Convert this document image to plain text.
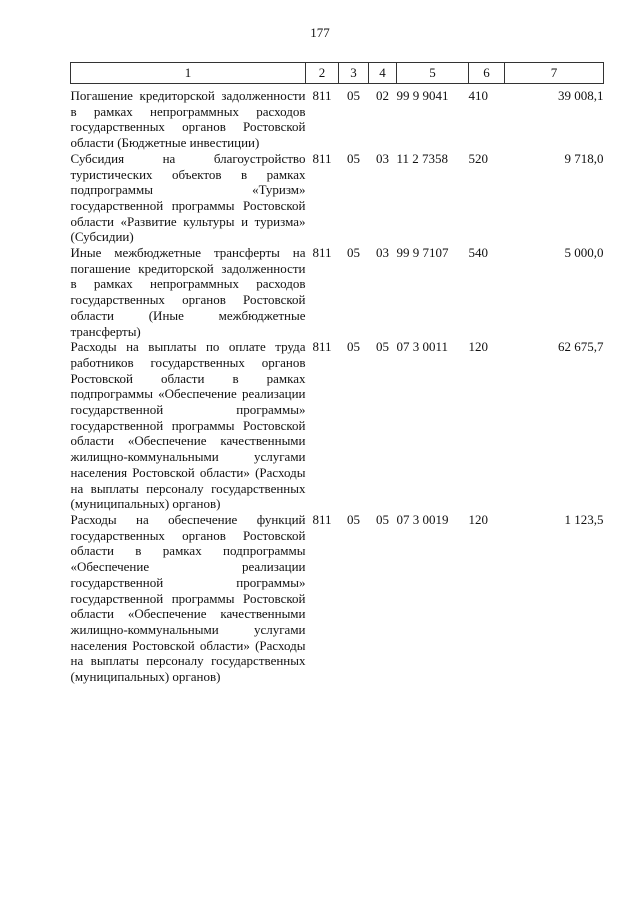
177
1	2	3	4	5	6	7
Погашение кредиторской задолженности в рамках непрограммных расходов государственных органов Ростовской области (Бюджетные инвестиции)	811	05	02	99 9 9041	410	39 008,1
Субсидия на благоустройство туристических объектов в рамках подпрограммы «Туризм» государственной программы Ростовской области «Развитие культуры и туризма» (Субсидии)	811	05	03	11 2 7358	520	9 718,0
Иные межбюджетные трансферты на погашение кредиторской задолженности в рамках непрограммных расходов государственных органов Ростовской области (Иные межбюджетные трансферты)	811	05	03	99 9 7107	540	5 000,0
Расходы на выплаты по оплате труда работников государственных органов Ростовской области в рамках подпрограммы «Обеспечение реализации государственной программы» государственной программы Ростовской области «Обеспечение качественными жилищно-коммунальными услугами населения Ростовской области» (Расходы на выплаты персоналу государственных (муниципальных) органов)	811	05	05	07 3 0011	120	62 675,7
Расходы на обеспечение функций государственных органов Ростовской области в рамках подпрограммы «Обеспечение реализации государственной программы» государственной программы Ростовской области «Обеспечение качественными жилищно-коммунальными услугами населения Ростовской области» (Расходы на выплаты персоналу государственных (муниципальных) органов)	811	05	05	07 3 0019	120	1 123,5
